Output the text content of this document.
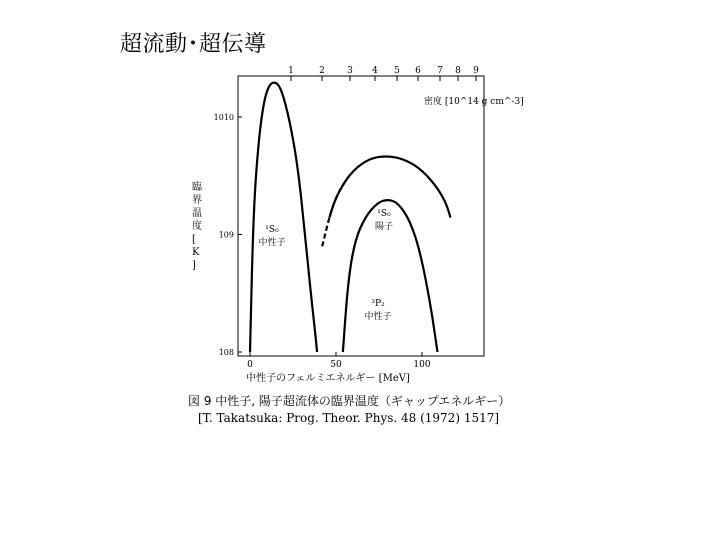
超流動･超伝導
1	2 3 4 5 6 7 8 9
0	50	100
1010
109
108
¹S₀
中性子
¹S₀
陽子
³P₂
中性子
密度 [10^14 g cm^-3]
中性子のフェルミエネルギー [MeV]
臨界温度[ K ]
図 9 中性子, 陽子超流体の臨界温度（ギャップエネルギー）
[T. Takatsuka: Prog. Theor. Phys. 48 (1972) 1517]
